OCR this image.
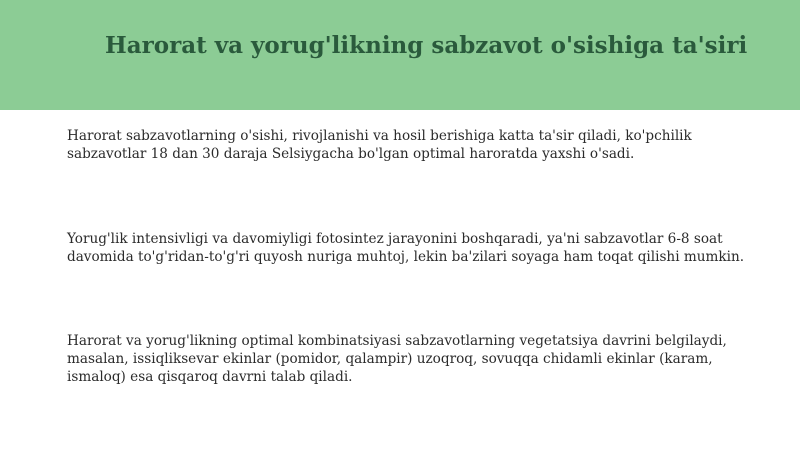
Harorat va yorug'likning sabzavot o'sishiga ta'siri

Harorat sabzavotlarning o'sishi, rivojlanishi va hosil berishiga katta ta'sir qiladi, ko'pchilik sabzavotlar 18 dan 30 daraja Selsiygacha bo'lgan optimal haroratda yaxshi o'sadi.

Yorug'lik intensivligi va davomiyligi fotosintez jarayonini boshqaradi, ya'ni sabzavotlar 6-8 soat davomida to'g'ridan-to'g'ri quyosh nuriga muhtoj, lekin ba'zilari soyaga ham toqat qilishi mumkin.

Harorat va yorug'likning optimal kombinatsiyasi sabzavotlarning vegetatsiya davrini belgilaydi, masalan, issiqliksevar ekinlar (pomidor, qalampir) uzoqroq, sovuqqa chidamli ekinlar (karam, ismaloq) esa qisqaroq davrni talab qiladi.
